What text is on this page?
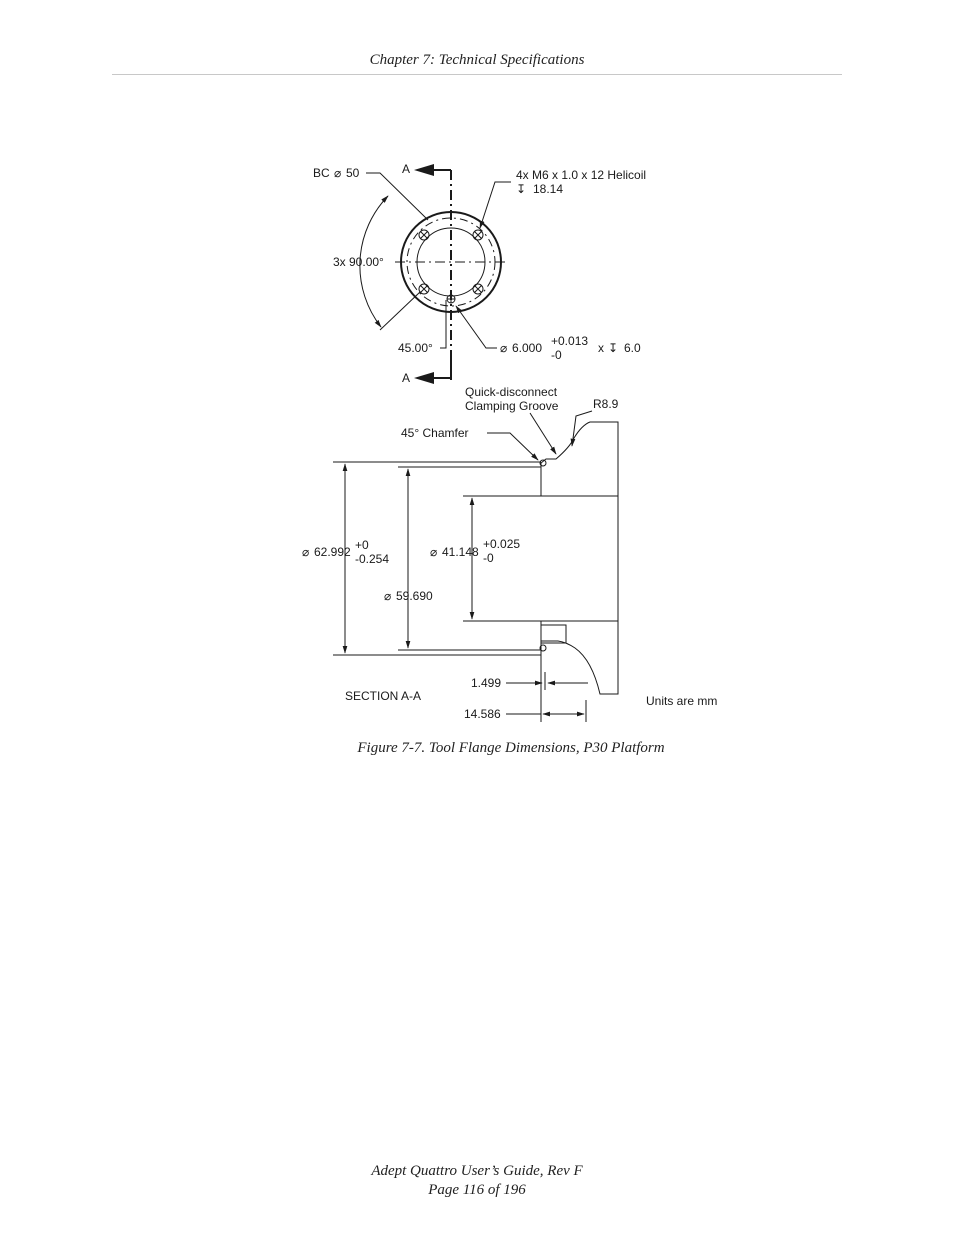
Chapter 7: Technical Specifications
BC ⌀ 50	A
A
4x M6 x 1.0 x 12 Helicoil
↧ 18.14
3x 90.00°
45.00°	⌀ 6.000 +0.013
-0	x ↧ 6.0
Quick-disconnect
Clamping Groove	R8.9
45° Chamfer
⌀ 62.992 +0
-0.254	⌀ 41.148
+0.025
-0
⌀ 59.690
SECTION A-A
1.499
14.586
Units are mm
Figure 7-7. Tool Flange Dimensions, P30 Platform
Adept Quattro User’s Guide, Rev F
Page 116 of 196
